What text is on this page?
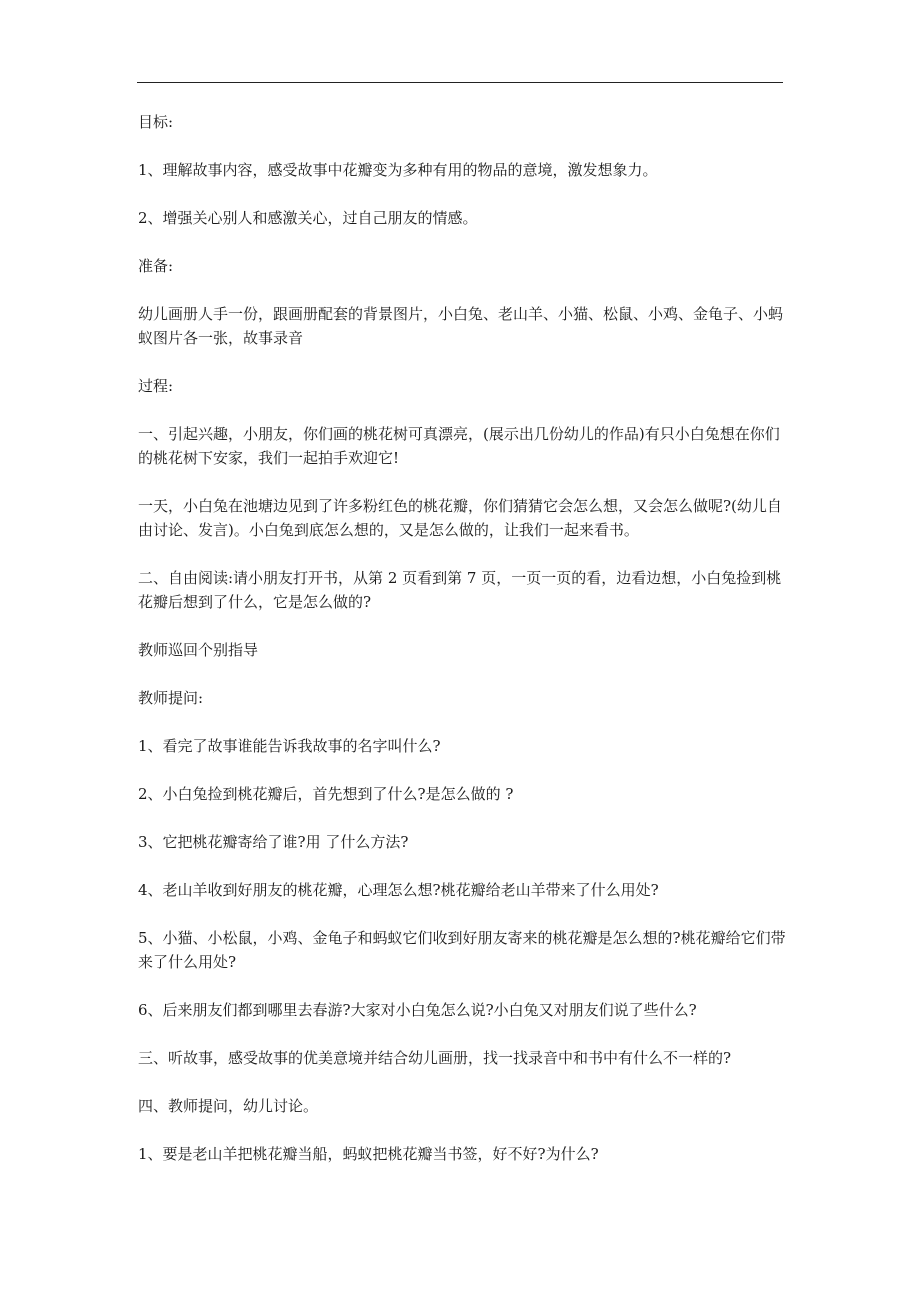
目标:

1、理解故事内容，感受故事中花瓣变为多种有用的物品的意境，激发想象力。

2、增强关心别人和感激关心，过自己朋友的情感。

准备:

幼儿画册人手一份，跟画册配套的背景图片，小白兔、老山羊、小猫、松鼠、小鸡、金龟子、小蚂蚁图片各一张，故事录音

过程:

一、引起兴趣，小朋友，你们画的桃花树可真漂亮，(展示出几份幼儿的作品)有只小白兔想在你们的桃花树下安家，我们一起拍手欢迎它!

一天，小白兔在池塘边见到了许多粉红色的桃花瓣，你们猜猜它会怎么想，又会怎么做呢?(幼儿自由讨论、发言)。小白兔到底怎么想的，又是怎么做的，让我们一起来看书。

二、自由阅读:请小朋友打开书，从第 2 页看到第 7 页，一页一页的看，边看边想，小白兔捡到桃花瓣后想到了什么，它是怎么做的?

教师巡回个别指导

教师提问:

1、看完了故事谁能告诉我故事的名字叫什么?

2、小白兔捡到桃花瓣后，首先想到了什么?是怎么做的 ?

3、它把桃花瓣寄给了谁?用 了什么方法?

4、老山羊收到好朋友的桃花瓣，心理怎么想?桃花瓣给老山羊带来了什么用处?

5、小猫、小松鼠，小鸡、金龟子和蚂蚁它们收到好朋友寄来的桃花瓣是怎么想的?桃花瓣给它们带来了什么用处?

6、后来朋友们都到哪里去春游?大家对小白兔怎么说?小白兔又对朋友们说了些什么?

三、听故事，感受故事的优美意境并结合幼儿画册，找一找录音中和书中有什么不一样的?

四、教师提问，幼儿讨论。

1、要是老山羊把桃花瓣当船，蚂蚁把桃花瓣当书签，好不好?为什么?
